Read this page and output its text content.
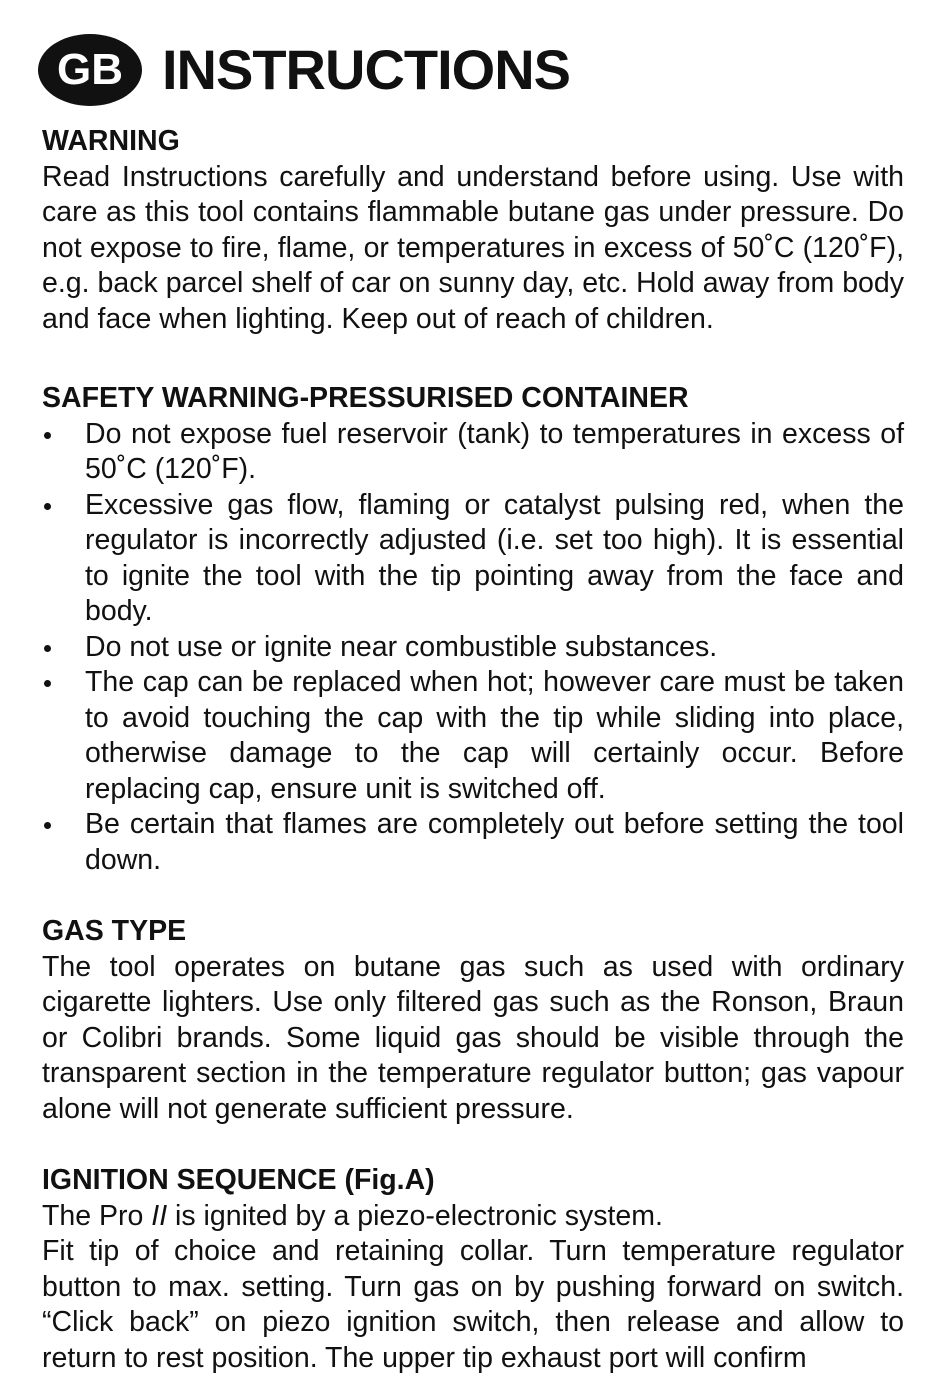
GB INSTRUCTIONS

WARNING

Read Instructions carefully and understand before using. Use with care as this tool contains flammable butane gas under pressure. Do not expose to fire, flame, or temperatures in excess of 50˚C (120˚F), e.g. back parcel shelf of car on sunny day, etc. Hold away from body and face when lighting. Keep out of reach of children.

SAFETY WARNING-PRESSURISED CONTAINER

Do not expose fuel reservoir (tank) to temperatures in excess of 50˚C (120˚F).
Excessive gas flow, flaming or catalyst pulsing red, when the regulator is incorrectly adjusted (i.e. set too high). It is essential to ignite the tool with the tip pointing away from the face and body.
Do not use or ignite near combustible substances.
The cap can be replaced when hot; however care must be taken to avoid touching the cap with the tip while sliding into place, otherwise damage to the cap will certainly occur. Before replacing cap, ensure unit is switched off.
Be certain that flames are completely out before setting the tool down.

GAS TYPE

The tool operates on butane gas such as used with ordinary cigarette lighters. Use only filtered gas such as the Ronson, Braun or Colibri brands. Some liquid gas should be visible through the transparent section in the temperature regulator button; gas vapour alone will not generate sufficient pressure.

IGNITION SEQUENCE (Fig.A)

The Pro II is ignited by a piezo-electronic system.

Fit tip of choice and retaining collar. Turn temperature regulator button to max. setting. Turn gas on by pushing forward on switch. “Click back” on piezo ignition switch, then release and allow to return to rest position. The upper tip exhaust port will confirm
